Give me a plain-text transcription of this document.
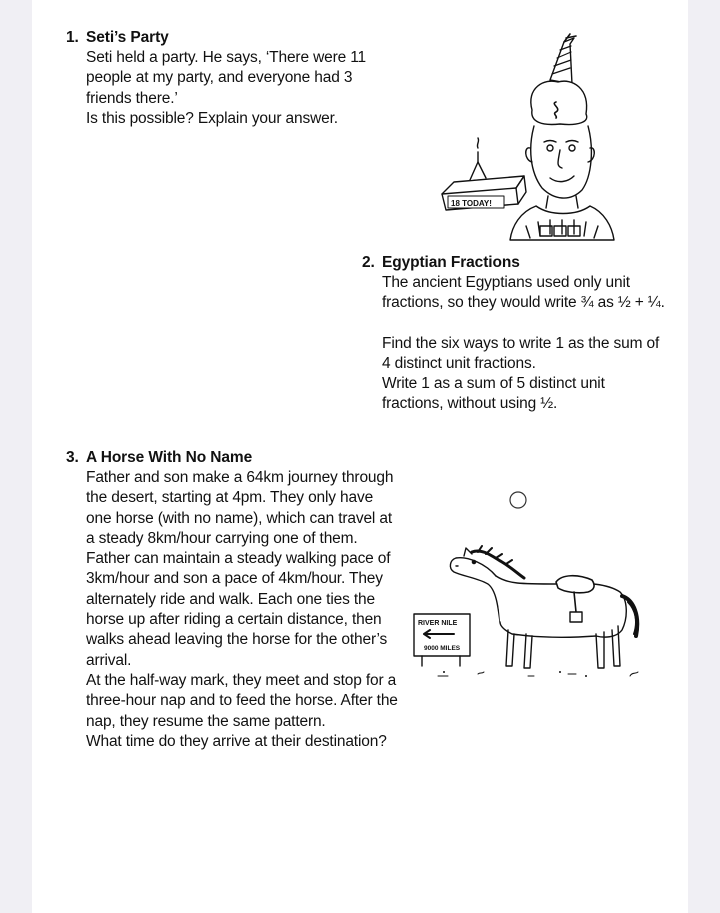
1. Seti’s Party
Seti held a party. He says, ‘There were 11
people at my party, and everyone had 3
friends there.’
Is this possible? Explain your answer.
18 TODAY!
2. Egyptian Fractions
The ancient Egyptians used only unit
fractions, so they would write ¾ as ½ + ¼.
Find the six ways to write 1 as the sum of
4 distinct unit fractions.
Write 1 as a sum of 5 distinct unit
fractions, without using ½.
3. A Horse With No Name
Father and son make a 64km journey through
the desert, starting at 4pm. They only have
one horse (with no name), which can travel at
a steady 8km/hour carrying one of them.
Father can maintain a steady walking pace of
3km/hour and son a pace of 4km/hour. They
alternately ride and walk. Each one ties the
horse up after riding a certain distance, then
walks ahead leaving the horse for the other’s
arrival.
At the half-way mark, they meet and stop for a
three-hour nap and to feed the horse. After the
nap, they resume the same pattern.
What time do they arrive at their destination?
RIVER NILE
9000 MILES
